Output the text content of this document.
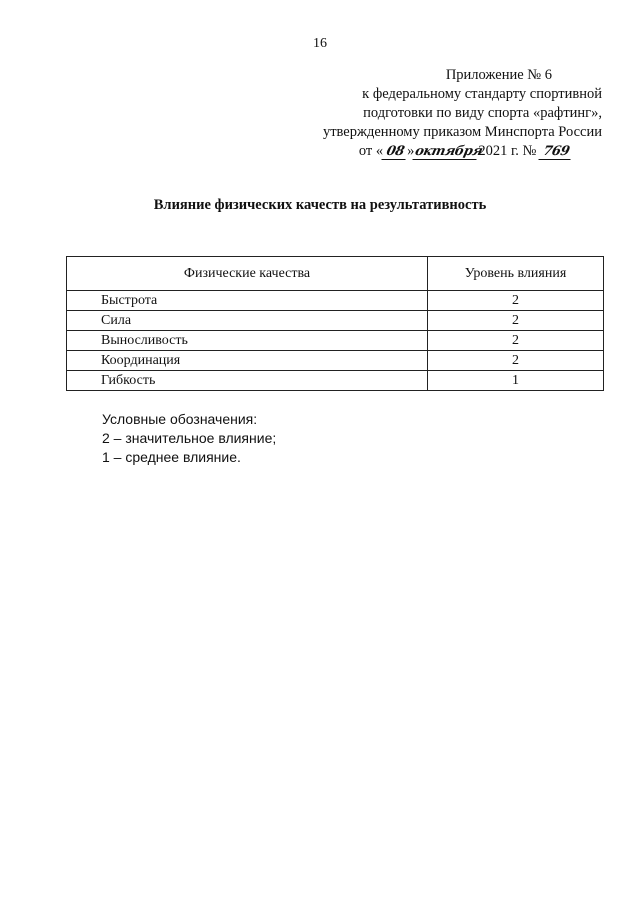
16
Приложение № 6
к федеральному стандарту спортивной
подготовки по виду спорта «рафтинг»,
утвержденному приказом Минспорта России
от « 08 »октября2021 г. № 769
Влияние физических качеств на результативность
Физические качества	Уровень влияния
Быстрота	2
Сила	2
Выносливость	2
Координация	2
Гибкость	1
Условные обозначения:
2 – значительное влияние;
1 – среднее влияние.
